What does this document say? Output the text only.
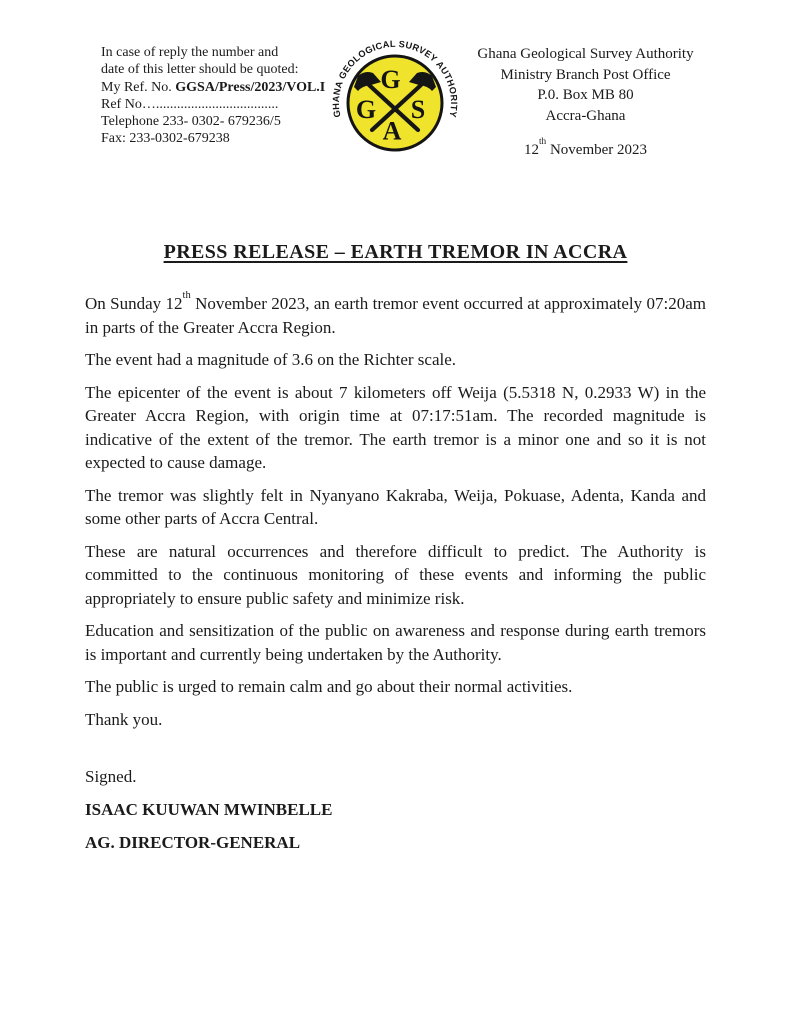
In case of reply the number and
date of this letter should be quoted:
My Ref. No. GGSA/Press/2023/VOL.I
Ref No…...................................
Telephone 233- 0302- 679236/5
Fax: 233-0302-679238
GHANA GEOLOGICAL SURVEY AUTHORITY
G
G S
A
Ghana Geological Survey Authority
Ministry Branch Post Office
P.0. Box MB 80
Accra-Ghana
12th November 2023
PRESS RELEASE – EARTH TREMOR IN ACCRA

On Sunday 12th November 2023, an earth tremor event occurred at approximately 07:20am in parts of the Greater Accra Region.

The event had a magnitude of 3.6 on the Richter scale.

The epicenter of the event is about 7 kilometers off Weija (5.5318 N, 0.2933 W) in the Greater Accra Region, with origin time at 07:17:51am. The recorded magnitude is indicative of the extent of the tremor. The earth tremor is a minor one and so it is not expected to cause damage.

The tremor was slightly felt in Nyanyano Kakraba, Weija, Pokuase, Adenta, Kanda and some other parts of Accra Central.

These are natural occurrences and therefore difficult to predict. The Authority is committed to the continuous monitoring of these events and informing the public appropriately to ensure public safety and minimize risk.

Education and sensitization of the public on awareness and response during earth tremors is important and currently being undertaken by the Authority.

The public is urged to remain calm and go about their normal activities.

Thank you.

Signed.

ISAAC KUUWAN MWINBELLE

AG. DIRECTOR-GENERAL
